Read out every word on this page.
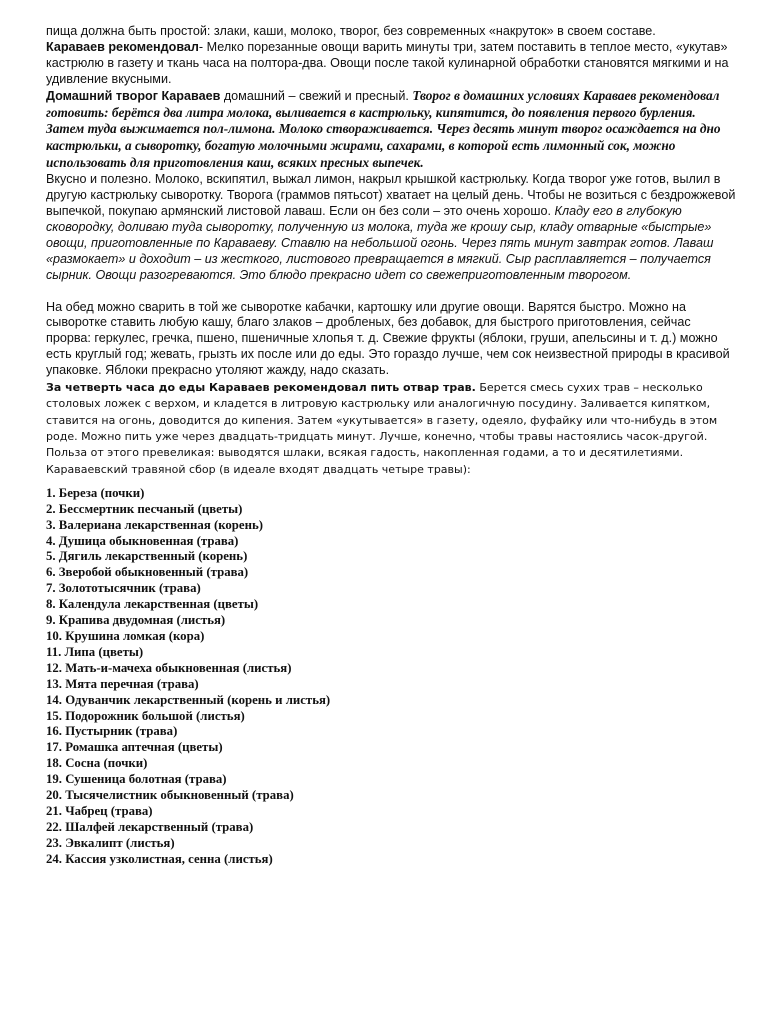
пища должна быть простой: злаки, каши, молоко, творог, без современных «накруток» в своем составе.

Караваев рекомендовал- Мелко порезанные овощи варить минуты три, затем поставить в теплое место, «укутав» кастрюлю в газету и ткань часа на полтора-два. Овощи после такой кулинарной обработки становятся мягкими и на удивление вкусными.

Домашний творог Караваев домашний – свежий и пресный. Творог в домашних условиях Караваев рекомендовал готовить: берётся два литра молока, выливается в кастрюльку, кипятится, до появления первого бурления. Затем туда выжимается пол-лимона. Молоко створаживается. Через десять минут творог осаждается на дно кастрюльки, а сыворотку, богатую молочными жирами, сахарами, в которой есть лимонный сок, можно использовать для приготовления каш, всяких пресных выпечек.

Вкусно и полезно. Молоко, вскипятил, выжал лимон, накрыл крышкой кастрюльку. Когда творог уже готов, вылил в другую кастрюльку сыворотку. Творога (граммов пятьсот) хватает на целый день. Чтобы не возиться с бездрожжевой выпечкой, покупаю армянский листовой лаваш. Если он без соли – это очень хорошо. Кладу его в глубокую сковородку, доливаю туда сыворотку, полученную из молока, туда же крошу сыр, кладу отварные «быстрые» овощи, приготовленные по Караваеву. Ставлю на небольшой огонь. Через пять минут завтрак готов. Лаваш «размокает» и доходит – из жесткого, листового превращается в мягкий. Сыр расплавляется – получается сырник. Овощи разогреваются. Это блюдо прекрасно идет со свежеприготовленным творогом.

На обед можно сварить в той же сыворотке кабачки, картошку или другие овощи. Варятся быстро. Можно на сыворотке ставить любую кашу, благо злаков – дробленых, без добавок, для быстрого приготовления, сейчас прорва: геркулес, гречка, пшено, пшеничные хлопья т. д. Свежие фрукты (яблоки, груши, апельсины и т. д.) можно есть круглый год; жевать, грызть их после или до еды. Это гораздо лучше, чем сок неизвестной природы в красивой упаковке. Яблоки прекрасно утоляют жажду, надо сказать.

За четверть часа до еды Караваев рекомендовал пить отвар трав. Берется смесь сухих трав – несколько столовых ложек с верхом, и кладется в литровую кастрюльку или аналогичную посудину. Заливается кипятком, ставится на огонь, доводится до кипения. Затем «укутывается» в газету, одеяло, фуфайку или что-нибудь в этом роде. Можно пить уже через двадцать-тридцать минут. Лучше, конечно, чтобы травы настоялись часок-другой. Польза от этого превеликая: выводятся шлаки, всякая гадость, накопленная годами, а то и десятилетиями. Караваевский травяной сбор (в идеале входят двадцать четыре травы):

1. Береза (почки)
2. Бессмертник песчаный (цветы)
3. Валериана лекарственная (корень)
4. Душица обыкновенная (трава)
5. Дягиль лекарственный (корень)
6. Зверобой обыкновенный (трава)
7. Золототысячник (трава)
8. Календула лекарственная (цветы)
9. Крапива двудомная (листья)
10. Крушина ломкая (кора)
11. Липа (цветы)
12. Мать-и-мачеха обыкновенная (листья)
13. Мята перечная (трава)
14. Одуванчик лекарственный (корень и листья)
15. Подорожник большой (листья)
16. Пустырник (трава)
17. Ромашка аптечная (цветы)
18. Сосна (почки)
19. Сушеница болотная (трава)
20. Тысячелистник обыкновенный (трава)
21. Чабрец (трава)
22. Шалфей лекарственный (трава)
23. Эвкалипт (листья)
24. Кассия узколистная, сенна (листья)
